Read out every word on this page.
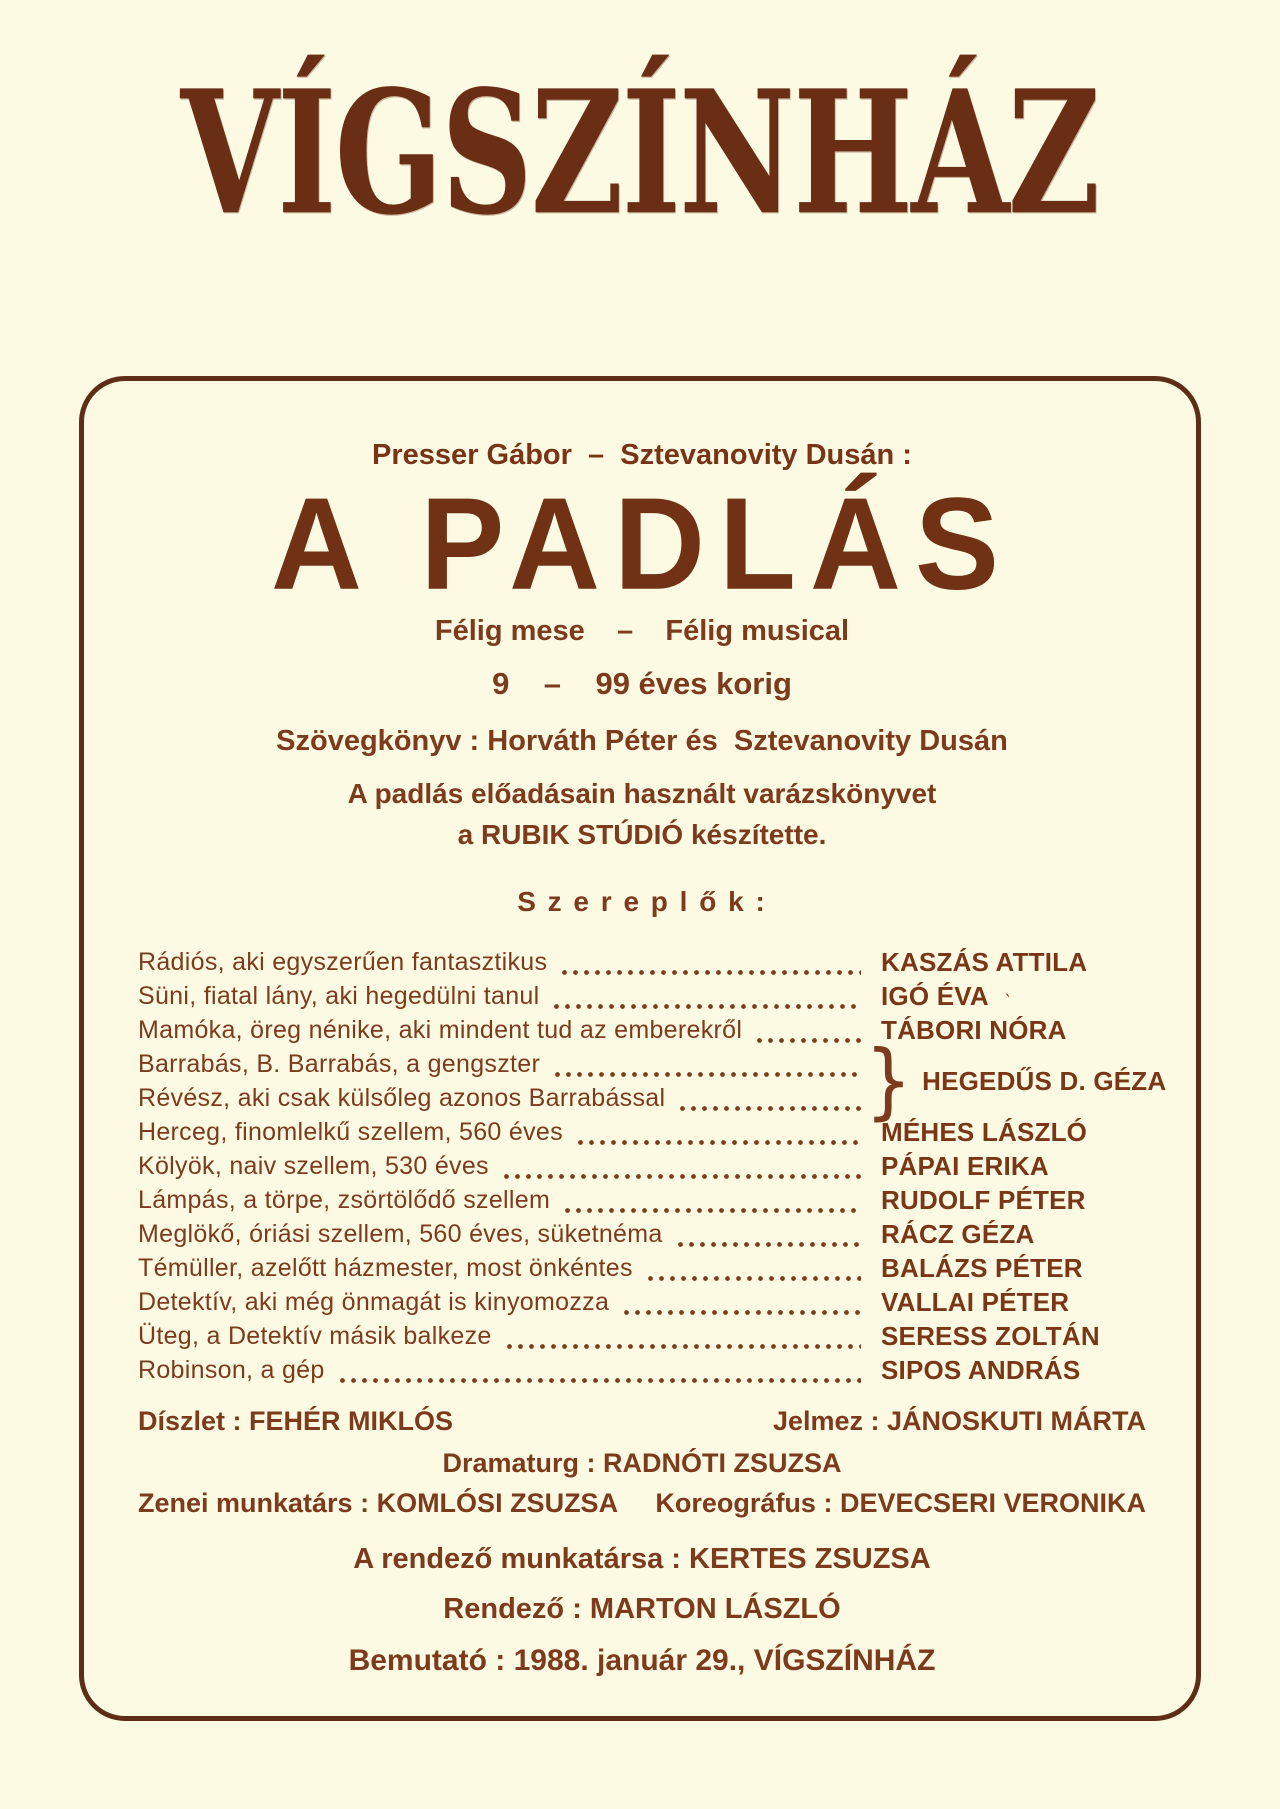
VÍGSZÍNHÁZ
Presser Gábor  –  Sztevanovity Dusán :
A PADLÁS
Félig mese    –    Félig musical
9    –    99 éves korig
Szövegkönyv : Horváth Péter és  Sztevanovity Dusán
A padlás előadásain használt varázskönyvet
a RUBIK STÚDIÓ készítette.
S z e r e p l ő k :
Rádiós, aki egyszerűen fantasztikus	KASZÁS ATTILA
Süni, fiatal lány, aki hegedülni tanul	IGÓ ÉVA `
Mamóka, öreg nénike, aki mindent tud az emberekről	TÁBORI NÓRA
Barrabás, B. Barrabás, a gengszter
Révész, aki csak külsőleg azonos Barrabással	} HEGEDŰS D. GÉZA
Herceg, finomlelkű szellem, 560 éves	MÉHES LÁSZLÓ
Kölyök, naiv szellem, 530 éves	PÁPAI ERIKA
Lámpás, a törpe, zsörtölődő szellem	RUDOLF PÉTER
Meglökő, óriási szellem, 560 éves, süketnéma	RÁCZ GÉZA
Témüller, azelőtt házmester, most önkéntes	BALÁZS PÉTER
Detektív, aki még önmagát is kinyomozza	VALLAI PÉTER
Üteg, a Detektív másik balkeze	SERESS ZOLTÁN
Robinson, a gép	SIPOS ANDRÁS
Díszlet : FEHÉR MIKLÓS	Jelmez : JÁNOSKUTI MÁRTA
Dramaturg : RADNÓTI ZSUZSA
Zenei munkatárs : KOMLÓSI ZSUZSA Koreográfus : DEVECSERI VERONIKA
A rendező munkatársa : KERTES ZSUZSA
Rendező : MARTON LÁSZLÓ
Bemutató : 1988. január 29., VÍGSZÍNHÁZ
